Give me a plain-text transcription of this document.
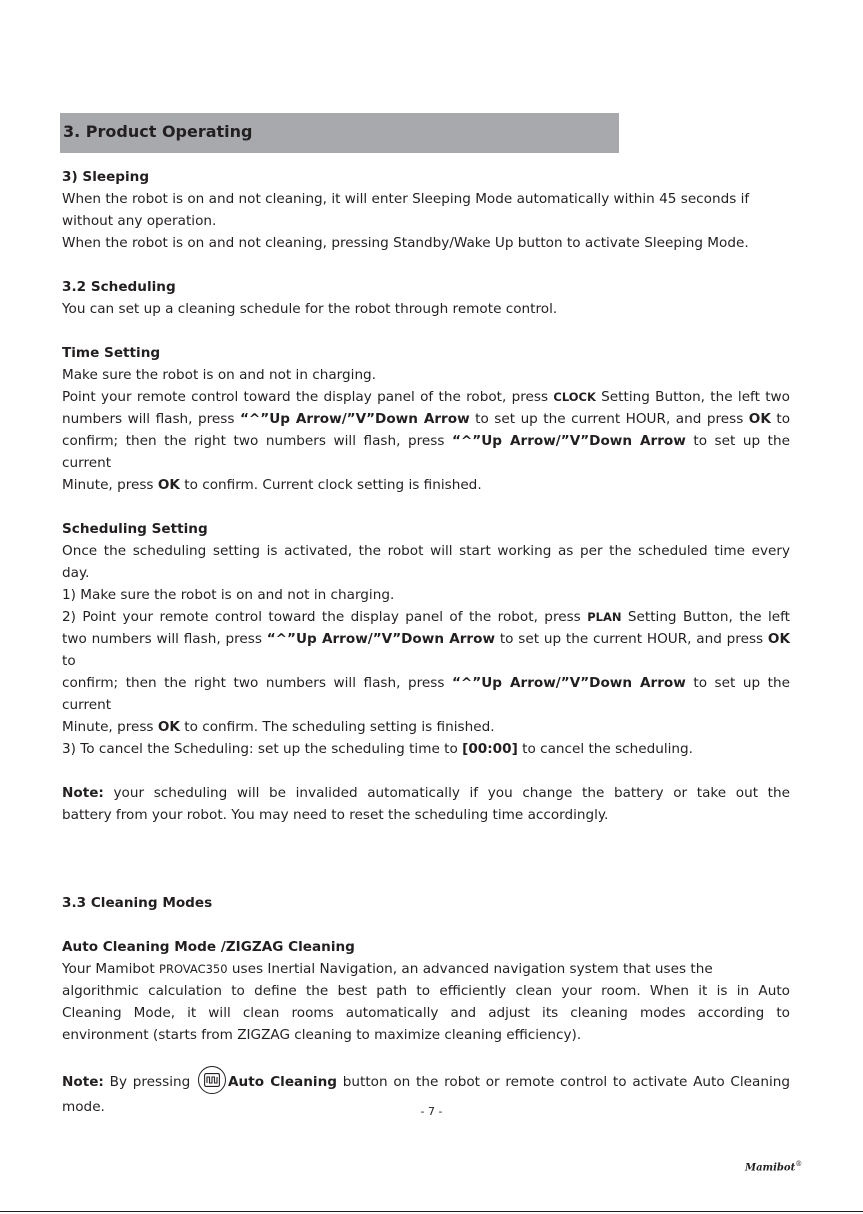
3. Product Operating

3) Sleeping

When the robot is on and not cleaning, it will enter Sleeping Mode automatically within 45 seconds if

without any operation.

When the robot is on and not cleaning, pressing Standby/Wake Up button to activate Sleeping Mode.

3.2 Scheduling

You can set up a cleaning schedule for the robot through remote control.

Time Setting

Make sure the robot is on and not in charging.

Point your remote control toward the display panel of the robot, press CLOCK Setting Button, the left two

numbers will flash, press “^”Up Arrow/”V”Down Arrow to set up the current HOUR, and press OK to

confirm; then the right two numbers will flash, press “^”Up Arrow/”V”Down Arrow to set up the current

Minute, press OK to confirm. Current clock setting is finished.

Scheduling Setting

Once the scheduling setting is activated, the robot will start working as per the scheduled time every

day.

1) Make sure the robot is on and not in charging.

2) Point your remote control toward the display panel of the robot, press PLAN Setting Button, the left

two numbers will flash, press “^”Up Arrow/”V”Down Arrow to set up the current HOUR, and press OK to

confirm; then the right two numbers will flash, press “^”Up Arrow/”V”Down Arrow to set up the current

Minute, press OK to confirm. The scheduling setting is finished.

3) To cancel the Scheduling: set up the scheduling time to [00:00] to cancel the scheduling.

Note: your scheduling will be invalided automatically if you change the battery or take out the

battery from your robot. You may need to reset the scheduling time accordingly.

3.3 Cleaning Modes

Auto Cleaning Mode /ZIGZAG Cleaning

Your Mamibot PROVAC350 uses Inertial Navigation, an advanced navigation system that uses the

algorithmic calculation to define the best path to efficiently clean your room. When it is in Auto

Cleaning Mode, it will clean rooms automatically and adjust its cleaning modes according to

environment (starts from ZIGZAG cleaning to maximize cleaning efficiency).

Note: By pressing
Auto Cleaning button on the robot or remote control to activate Auto Cleaning

mode.	- 7 -
Mamibot®
